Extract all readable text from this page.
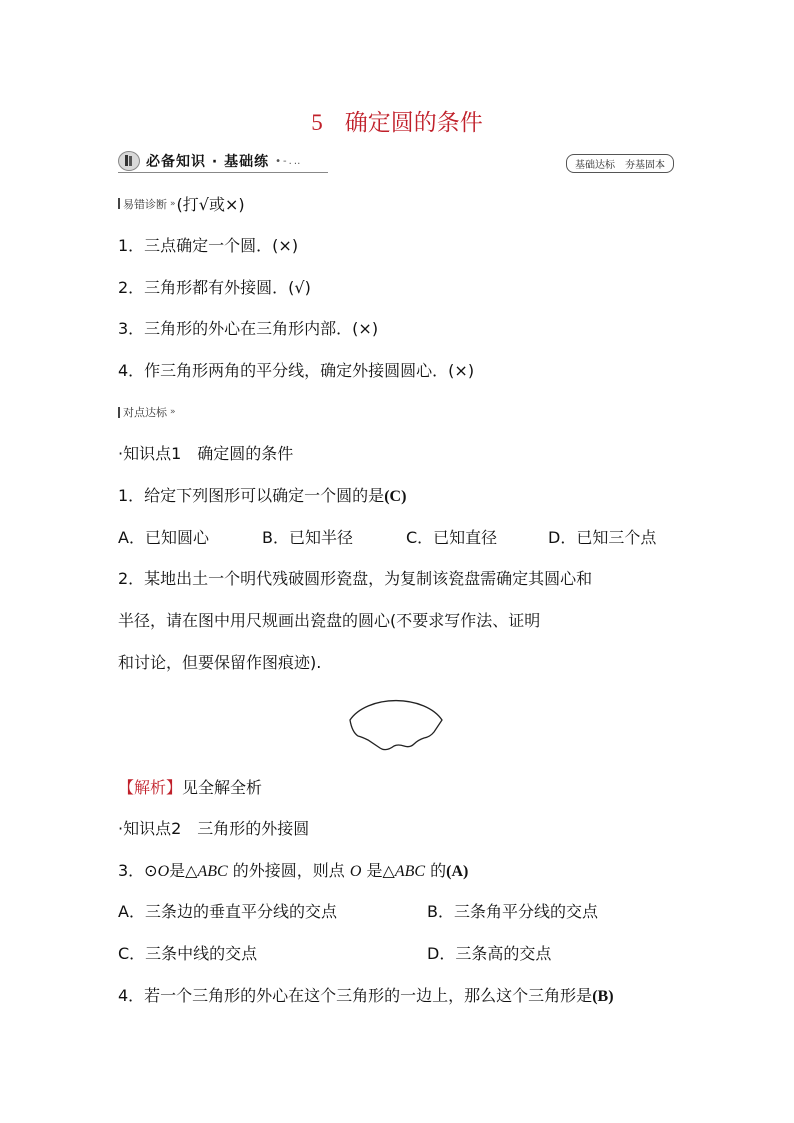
5 确定圆的条件
必备知识 · 基础练 •-.‥	基础达标 夯基固本
易错诊断 » (打√或×)
1．三点确定一个圆．(×)
2．三角形都有外接圆．(√)
3．三角形的外心在三角形内部．(×)
4．作三角形两角的平分线，确定外接圆圆心．(×)
对点达标 »
·知识点1　确定圆的条件
1．给定下列图形可以确定一个圆的是(C)
A．已知圆心	B．已知半径	C．已知直径	D．已知三个点
2．某地出土一个明代残破圆形瓷盘，为复制该瓷盘需确定其圆心和
半径，请在图中用尺规画出瓷盘的圆心(不要求写作法、证明
和讨论，但要保留作图痕迹).
【解析】见全解全析
·知识点2　三角形的外接圆
3．⊙O是△ABC 的外接圆，则点 O 是△ABC 的(A)
A．三条边的垂直平分线的交点	B．三条角平分线的交点
C．三条中线的交点	D．三条高的交点
4．若一个三角形的外心在这个三角形的一边上，那么这个三角形是(B)
